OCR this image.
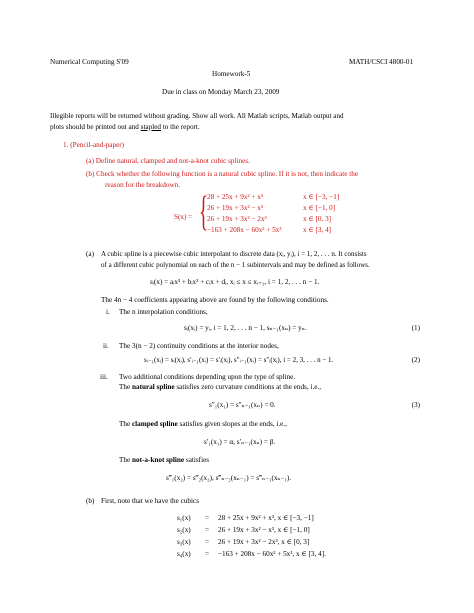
Numerical Computing S'09
Homework-5
MATH/CSCI 4800-01
Due in class on Monday March 23, 2009
Illegible reports will be returned without grading. Show all work. All Matlab scripts, Matlab output and
plots should be printed out and stapled to the report.
1. (Pencil-and-paper)
(a) Define natural, clamped and not-a-knot cubic splines.
(b) Check whether the following function is a natural cubic spline. If it is not, then indicate the
reason for the breakdown.
S(x) = {
28 + 25x + 9x² + x³	x ∈ [−3, −1]
26 + 19x + 3x² − x³	x ∈ [−1, 0]
26 + 19x + 3x² − 2x³	x ∈ [0, 3]
−163 + 208x − 60x² + 5x³	x ∈ [3, 4]
(a) A cubic spline is a piecewise cubic interpolant to discrete data (xᵢ, yᵢ), i = 1, 2, . . . n. It consists
of a different cubic polynomial on each of the n − 1 subintervals and may be defined as follows.
sᵢ(x) = aᵢx³ + bᵢx² + cᵢx + dᵢ, xᵢ ≤ x ≤ xᵢ₊₁, i = 1, 2, . . . n − 1.
The 4n − 4 coefficients appearing above are found by the following conditions.
i. The n interpolation conditions,
sᵢ(xᵢ) = yᵢ, i = 1, 2, . . . n − 1, sₙ₋₁(xₙ) = yₙ.	(1)
ii. The 3(n − 2) continuity conditions at the interior nodes,
sᵢ₋₁(xᵢ) = sᵢ(xᵢ), s′ᵢ₋₁(xᵢ) = s′ᵢ(xᵢ), s″ᵢ₋₁(xᵢ) = s″ᵢ(xᵢ), i = 2, 3, . . . n − 1.	(2)
iii. Two additional conditions depending upon the type of spline.
The natural spline satisfies zero curvature conditions at the ends, i.e.,
s″₁(x₁) = s″ₙ₋₁(xₙ) = 0.	(3)
The clamped spline satisfies given slopes at the ends, i.e.,
s′₁(x₁) = α, s′ₙ₋₁(xₙ) = β.
The not-a-knot spline satisfies
s‴₁(x₂) = s‴₂(x₂), s‴ₙ₋₂(xₙ₋₁) = s‴ₙ₋₁(xₙ₋₁).
(b) First, note that we have the cubics
s₁(x) = 28 + 25x + 9x² + x³, x ∈ [−3, −1]
s₂(x) = 26 + 19x + 3x² − x³, x ∈ [−1, 0]
s₃(x) = 26 + 19x + 3x² − 2x³, x ∈ [0, 3]
s₄(x) = −163 + 208x − 60x² + 5x³, x ∈ [3, 4].
